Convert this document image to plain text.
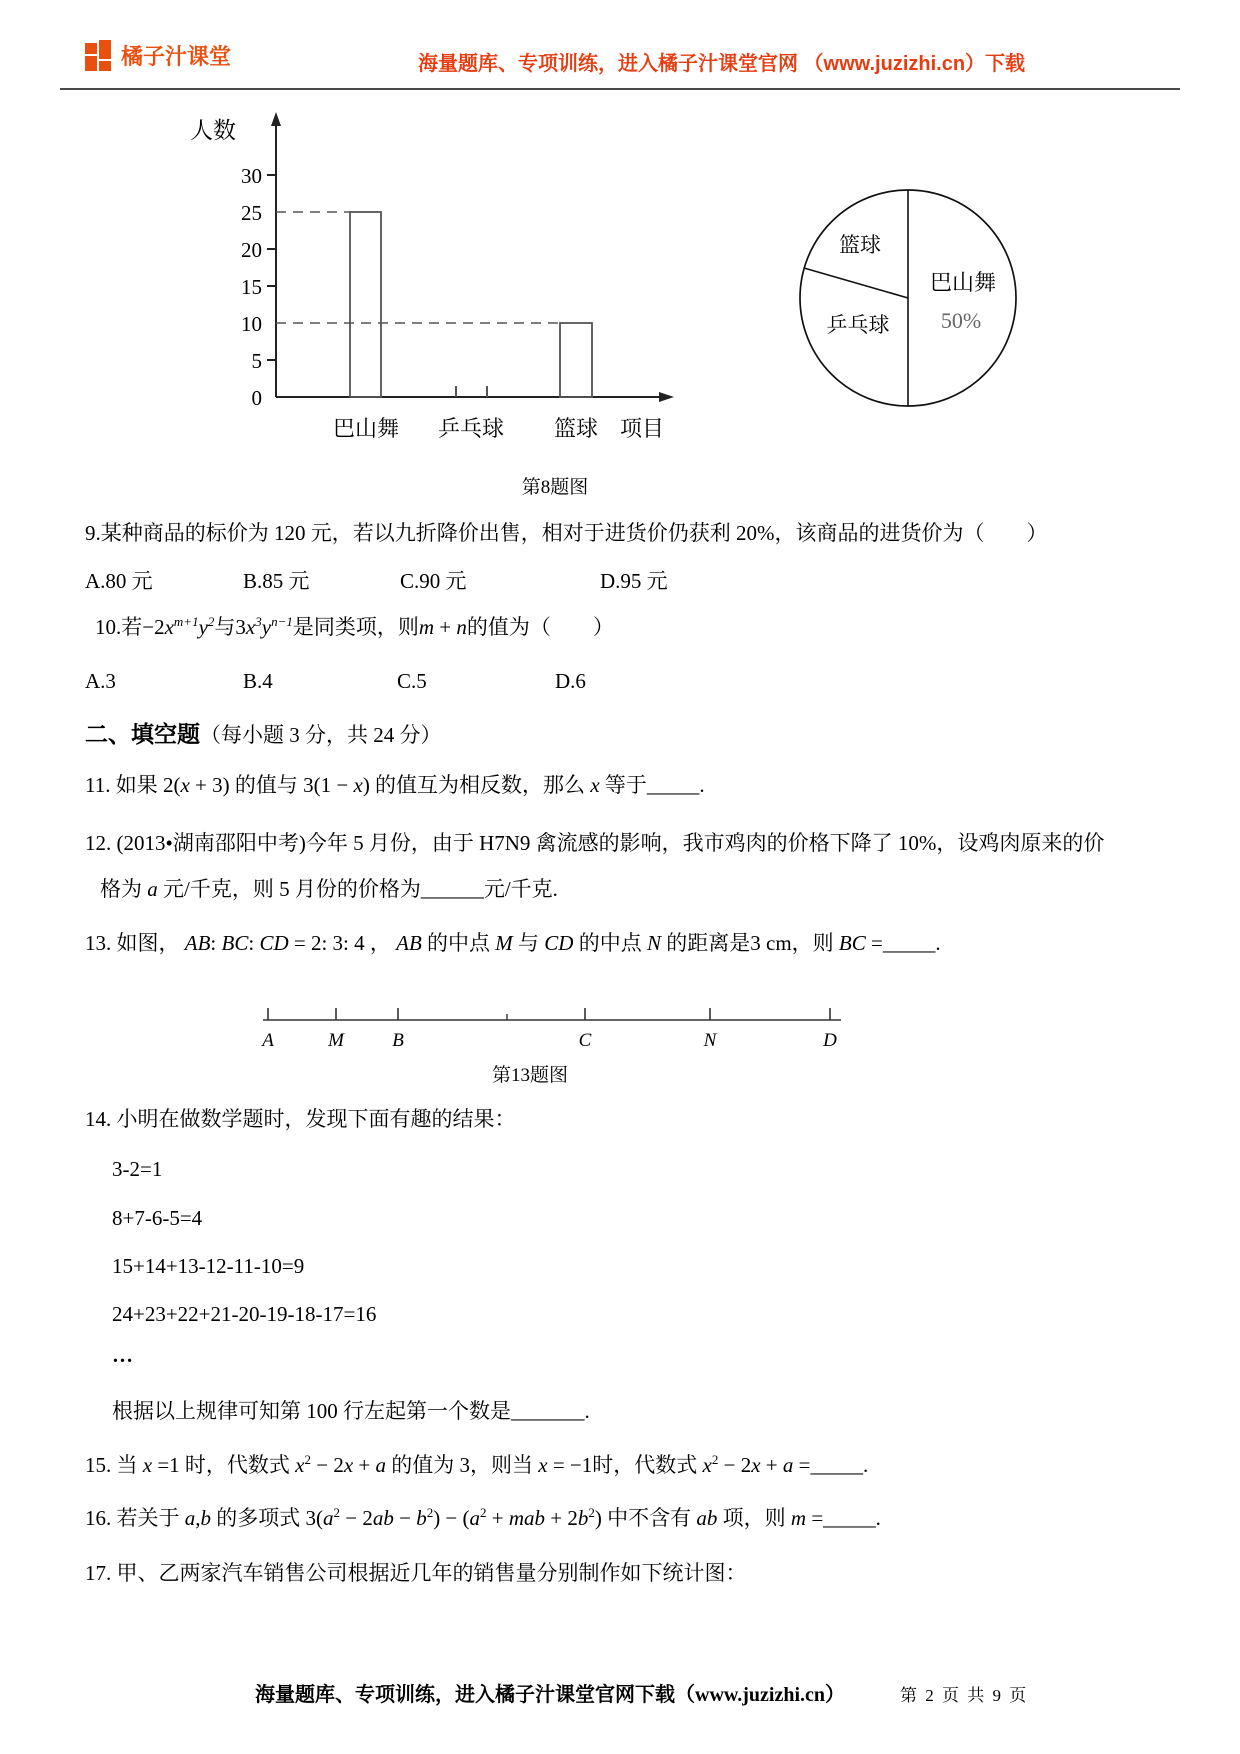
橘子汁课堂	海量题库、专项训练，进入橘子汁课堂官网 （www.juzizhi.cn）下载
人数
30
25
20
15
10
5
0
巴山舞 乒乓球 篮球 项目
篮球
乒乓球
巴山舞
50%
第8题图
9.某种商品的标价为 120 元，若以九折降价出售，相对于进货价仍获利 20%，该商品的进货价为（　　）
A.80 元	B.85 元	C.90 元	D.95 元
10.若$-2x^{m+1}y^2$与$3x^3y^{n-1}$是同类项，则m + n的值为（　　）
A.3	B.4	C.5	D.6
二、填空题（每小题 3 分，共 24 分）
11. 如果 2(x + 3) 的值与 3(1 − x) 的值互为相反数，那么 x 等于_____.
12. (2013•湖南邵阳中考)今年 5 月份，由于 H7N9 禽流感的影响，我市鸡肉的价格下降了 10%，设鸡肉原来的价
格为 a 元/千克，则 5 月份的价格为______元/千克.
13. 如图， AB: BC: CD = 2: 3: 4 ， AB 的中点 M 与 CD 的中点 N 的距离是3 cm，则 BC =_____.
A	M	B	C	N	D
第13题图
14. 小明在做数学题时，发现下面有趣的结果：
3-2=1
8+7-6-5=4
15+14+13-12-11-10=9
24+23+22+21-20-19-18-17=16
…
根据以上规律可知第 100 行左起第一个数是_______.
15. 当 x =1 时，代数式 $x^2 - 2x + a$ 的值为 3，则当 x = −1时，代数式 $x^2 - 2x + a$ =_____.
16. 若关于 a,b 的多项式 $3(a^2 - 2ab - b^2) - (a^2$ + mab + $2b^2$) 中不含有 ab 项，则 m =_____.
17. 甲、乙两家汽车销售公司根据近几年的销售量分别制作如下统计图：
海量题库、专项训练，进入橘子汁课堂官网下载（www.juzizhi.cn）	第 2 页 共 9 页
